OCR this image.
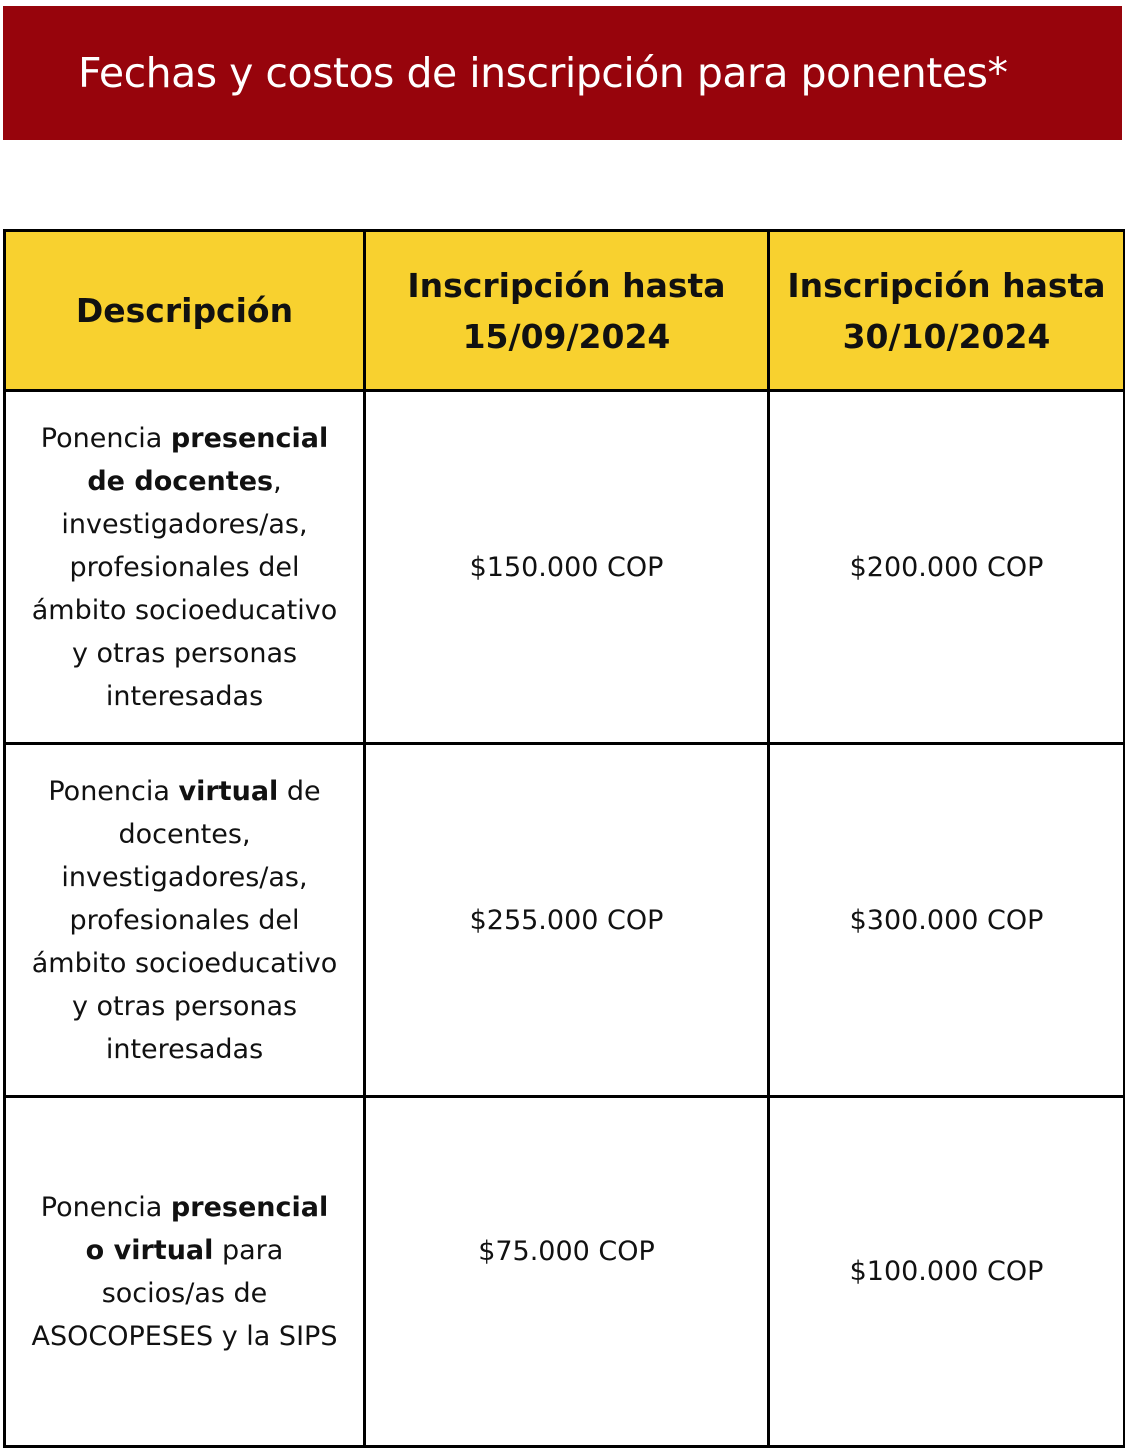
Fechas y costos de inscripción para ponentes*
Descripción	Inscripción hasta 15/09/2024	Inscripción hasta 30/10/2024
Ponencia presencial de docentes, investigadores/as, profesionales del ámbito socioeducativo y otras personas interesadas	$150.000 COP	$200.000 COP
Ponencia virtual de docentes, investigadores/as, profesionales del ámbito socioeducativo y otras personas interesadas	$255.000 COP	$300.000 COP
Ponencia presencial o virtual para socios/as de ASOCOPESES y la SIPS	$75.000 COP	$100.000 COP
